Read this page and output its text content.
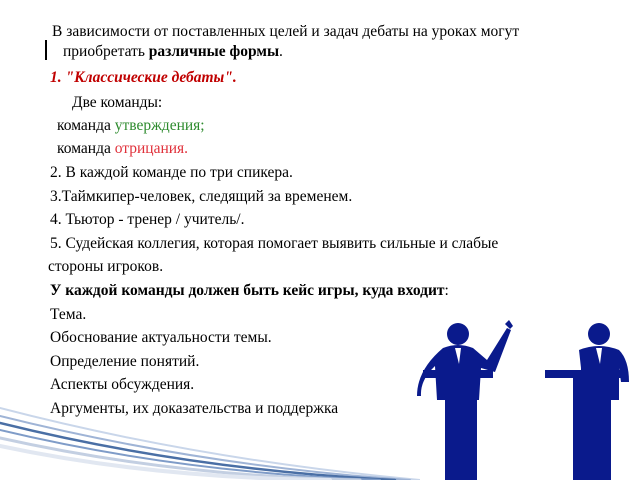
В зависимости от поставленных целей и задач дебаты на уроках могут
приобретать различные формы.
1. "Классические дебаты".
Две команды:
команда утверждения;
команда отрицания.
2. В каждой команде по три спикера.
3.Таймкипер-человек, следящий за временем.
4. Тьютор - тренер / учитель/.
5. Судейская коллегия, которая помогает выявить сильные и слабые
стороны игроков.
У каждой команды должен быть кейс игры, куда входит:
Тема.
Обоснование актуальности темы.
Определение понятий.
Аспекты обсуждения.
Аргументы, их доказательства и поддержка
